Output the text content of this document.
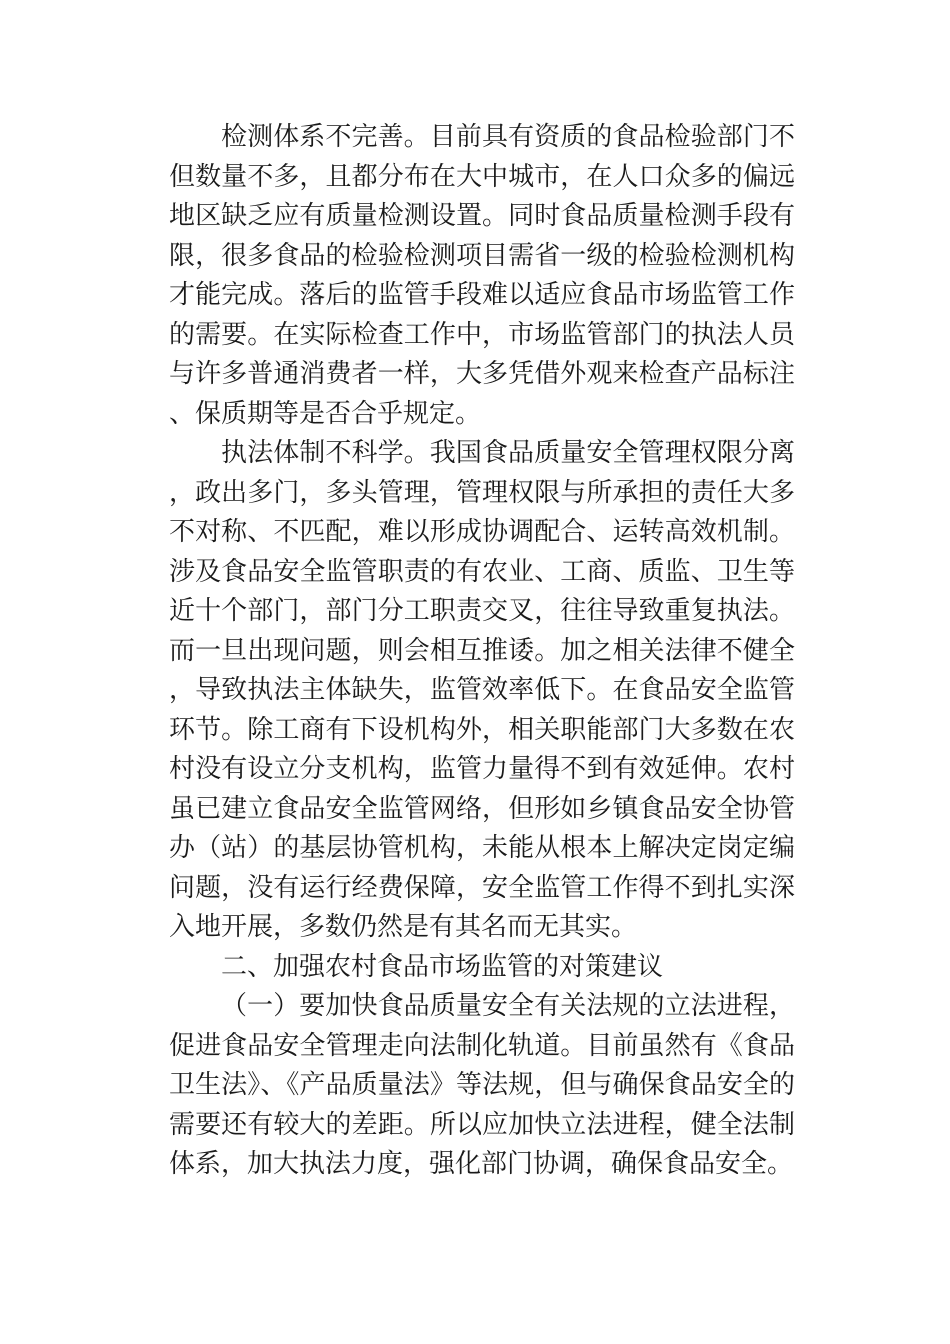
检测体系不完善。目前具有资质的食品检验部门不但数量不多，且都分布在大中城市，在人口众多的偏远地区缺乏应有质量检测设置。同时食品质量检测手段有限，很多食品的检验检测项目需省一级的检验检测机构才能完成。落后的监管手段难以适应食品市场监管工作的需要。在实际检查工作中，市场监管部门的执法人员与许多普通消费者一样，大多凭借外观来检查产品标注、保质期等是否合乎规定。

执法体制不科学。我国食品质量安全管理权限分离，政出多门，多头管理，管理权限与所承担的责任大多不对称、不匹配，难以形成协调配合、运转高效机制。涉及食品安全监管职责的有农业、工商、质监、卫生等近十个部门，部门分工职责交叉，往往导致重复执法。而一旦出现问题，则会相互推诿。加之相关法律不健全，导致执法主体缺失，监管效率低下。在食品安全监管环节。除工商有下设机构外，相关职能部门大多数在农村没有设立分支机构，监管力量得不到有效延伸。农村虽已建立食品安全监管网络，但形如乡镇食品安全协管办（站）的基层协管机构，未能从根本上解决定岗定编问题，没有运行经费保障，安全监管工作得不到扎实深入地开展，多数仍然是有其名而无其实。

二、加强农村食品市场监管的对策建议

（一）要加快食品质量安全有关法规的立法进程，促进食品安全管理走向法制化轨道。目前虽然有《食品卫生法》、《产品质量法》等法规，但与确保食品安全的需要还有较大的差距。所以应加快立法进程，健全法制体系，加大执法力度，强化部门协调，确保食品安全。
